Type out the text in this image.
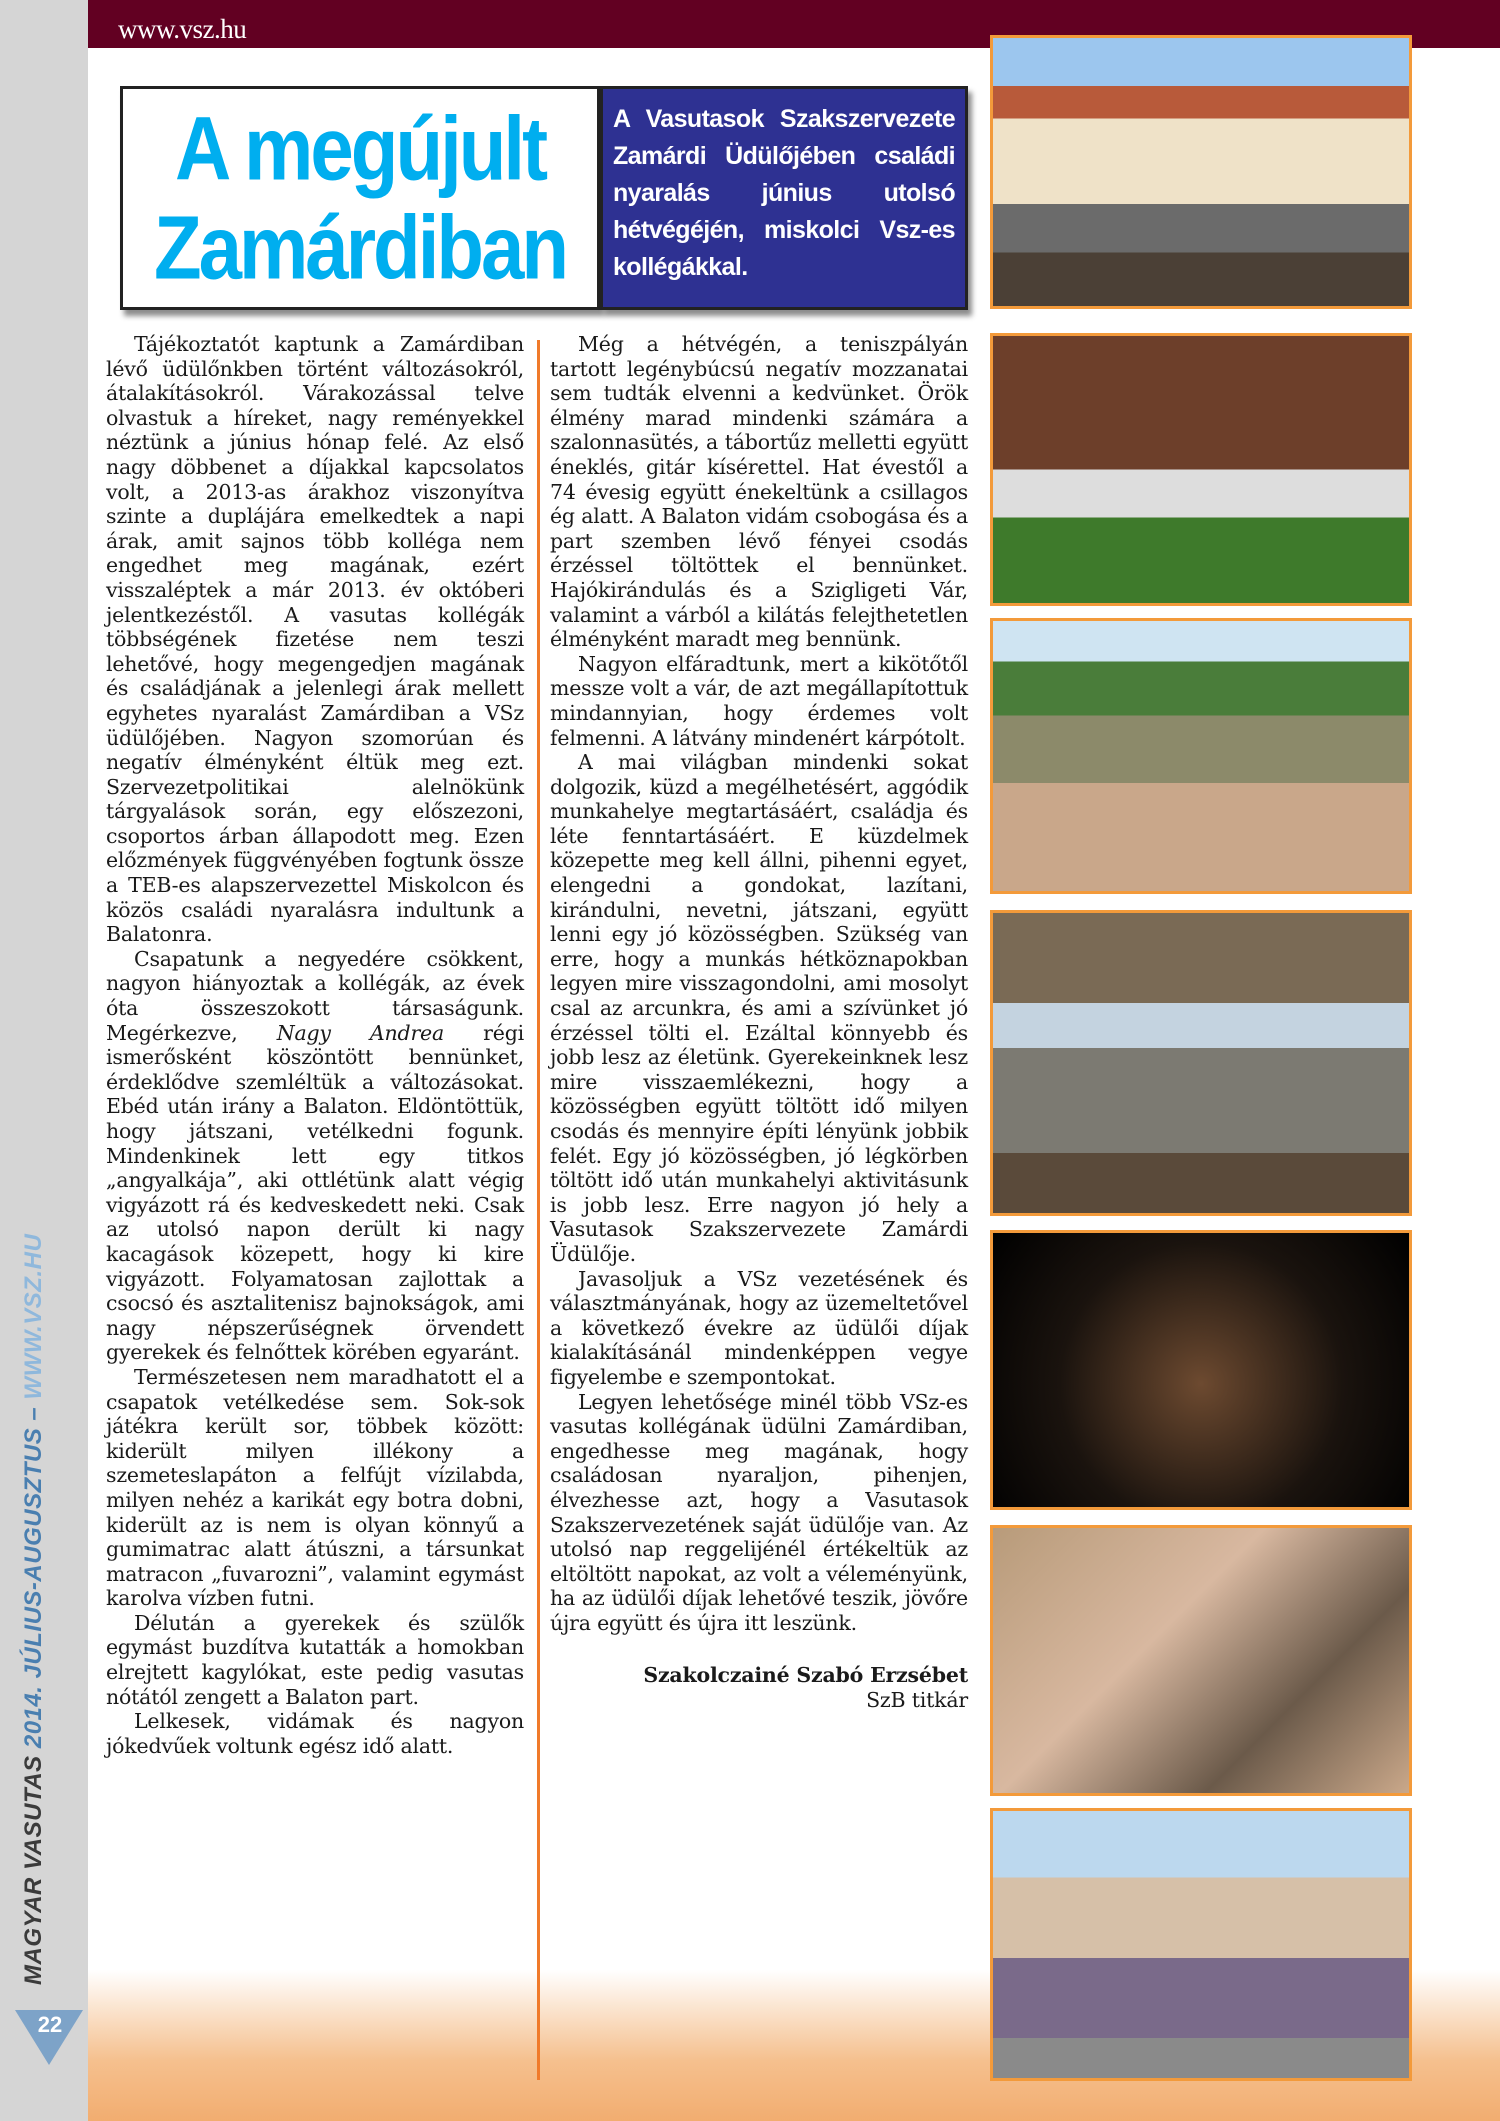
www.vsz.hu
MAGYAR VASUTAS 2014. JÚLIUS-AUGUSZTUS – WWW.VSZ.HU
22
A megújult Zamárdiban
A Vasutasok Szakszervezete Zamárdi Üdülőjében családi nyaralás június utolsó hétvégéjén, miskolci Vsz-es kollégákkal.

Tájékoztatót kaptunk a Zamárdiban lévő üdülőnkben történt változásokról, átalakításokról. Várakozással telve olvastuk a híreket, nagy reményekkel néztünk a június hónap felé. Az első nagy döbbenet a díjakkal kapcsolatos volt, a 2013-as árakhoz viszonyítva szinte a duplájára emelkedtek a napi árak, amit sajnos több kolléga nem engedhet meg magának, ezért visszaléptek a már 2013. év októberi jelentkezéstől. A vasutas kollégák többségének fizetése nem teszi lehetővé, hogy megengedjen magának és családjának a jelenlegi árak mellett egyhetes nyaralást Zamárdiban a VSz üdülőjében. Nagyon szomorúan és negatív élményként éltük meg ezt. Szervezetpolitikai alelnökünk tárgyalások során, egy előszezoni, csoportos árban állapodott meg. Ezen előzmények függvényében fogtunk össze a TEB-es alapszervezettel Miskolcon és közös családi nyaralásra indultunk a Balatonra.

Csapatunk a negyedére csökkent, nagyon hiányoztak a kollégák, az évek óta összeszokott társaságunk. Megérkezve, Nagy Andrea régi ismerősként köszöntött bennünket, érdeklődve szemléltük a változásokat. Ebéd után irány a Balaton. Eldöntöttük, hogy játszani, vetélkedni fogunk. Mindenkinek lett egy titkos „angyalkája”, aki ottlétünk alatt végig vigyázott rá és kedveskedett neki. Csak az utolsó napon derült ki nagy kacagások közepett, hogy ki kire vigyázott. Folyamatosan zajlottak a csocsó és asztalitenisz bajnokságok, ami nagy népszerűségnek örvendett gyerekek és felnőttek körében egyaránt.

Természetesen nem maradhatott el a csapatok vetélkedése sem. Sok-sok játékra került sor, többek között: kiderült milyen illékony a szemeteslapáton a felfújt vízilabda, milyen nehéz a karikát egy botra dobni, kiderült az is nem is olyan könnyű a gumimatrac alatt átúszni, a társunkat matracon „fuvarozni”, valamint egymást karolva vízben futni.

Délután a gyerekek és szülők egymást buzdítva kutatták a homokban elrejtett kagylókat, este pedig vasutas nótától zengett a Balaton part.

Lelkesek, vidámak és nagyon jókedvűek voltunk egész idő alatt.

Még a hétvégén, a teniszpályán tartott legénybúcsú negatív mozzanatai sem tudták elvenni a kedvünket. Örök élmény marad mindenki számára a szalonnasütés, a tábortűz melletti együtt éneklés, gitár kísérettel. Hat évestől a 74 évesig együtt énekeltünk a csillagos ég alatt. A Balaton vidám csobogása és a part szemben lévő fényei csodás érzéssel töltöttek el bennünket. Hajókirándulás és a Szigligeti Vár, valamint a várból a kilátás felejthetetlen élményként maradt meg bennünk.

Nagyon elfáradtunk, mert a kikötőtől messze volt a vár, de azt megállapítottuk mindannyian, hogy érdemes volt felmenni. A látvány mindenért kárpótolt.

A mai világban mindenki sokat dolgozik, küzd a megélhetésért, aggódik munkahelye megtartásáért, családja és léte fenntartásáért. E küzdelmek közepette meg kell állni, pihenni egyet, elengedni a gondokat, lazítani, kirándulni, nevetni, játszani, együtt lenni egy jó közösségben. Szükség van erre, hogy a munkás hétköznapokban legyen mire visszagondolni, ami mosolyt csal az arcunkra, és ami a szívünket jó érzéssel tölti el. Ezáltal könnyebb és jobb lesz az életünk. Gyerekeinknek lesz mire visszaemlékezni, hogy a közösségben együtt töltött idő milyen csodás és mennyire építi lényünk jobbik felét. Egy jó közösségben, jó légkörben töltött idő után munkahelyi aktivitásunk is jobb lesz. Erre nagyon jó hely a Vasutasok Szakszervezete Zamárdi Üdülője.

Javasoljuk a VSz vezetésének és választmányának, hogy az üzemeltetővel a következő évekre az üdülői díjak kialakításánál mindenképpen vegye figyelembe e szempontokat.

Legyen lehetősége minél több VSz-es vasutas kollégának üdülni Zamárdiban, engedhesse meg magának, hogy családosan nyaraljon, pihenjen, élvezhesse azt, hogy a Vasutasok Szakszervezetének saját üdülője van. Az utolsó nap reggelijénél értékeltük az eltöltött napokat, az volt a véleményünk, ha az üdülői díjak lehetővé teszik, jövőre újra együtt és újra itt leszünk.

Szakolczainé Szabó Erzsébet
SzB titkár
